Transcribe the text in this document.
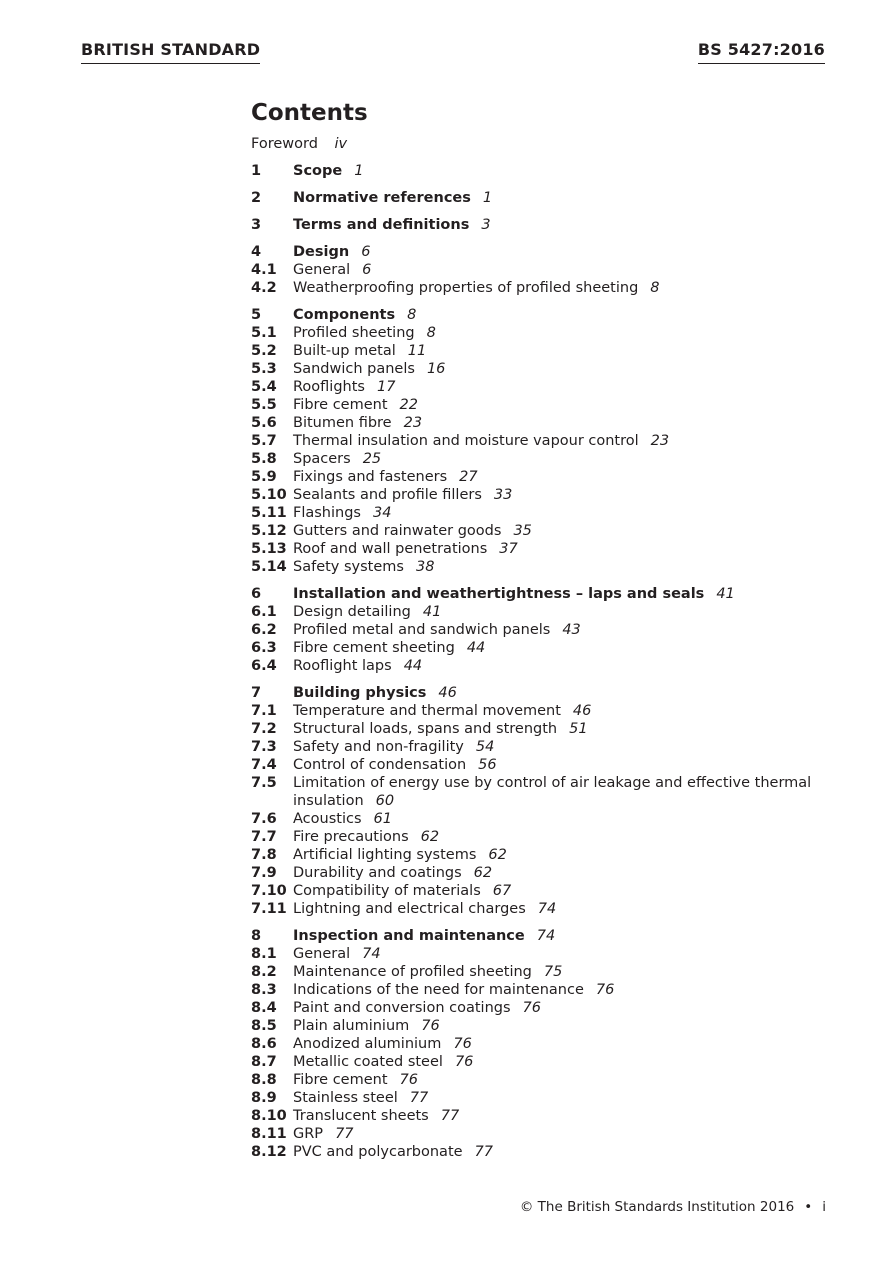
BRITISH STANDARD	BS 5427:2016
Contents
Foreword iv
1	Scope 1
2	Normative references 1
3	Terms and definitions 3
4	Design 6
4.1	General 6
4.2	Weatherproofing properties of profiled sheeting 8
5	Components 8
5.1	Profiled sheeting 8
5.2	Built-up metal 11
5.3	Sandwich panels 16
5.4	Rooflights 17
5.5	Fibre cement 22
5.6	Bitumen fibre 23
5.7	Thermal insulation and moisture vapour control 23
5.8	Spacers 25
5.9	Fixings and fasteners 27
5.10 Sealants and profile fillers 33
5.11 Flashings 34
5.12 Gutters and rainwater goods 35
5.13 Roof and wall penetrations 37
5.14 Safety systems 38
6	Installation and weathertightness – laps and seals 41
6.1	Design detailing 41
6.2	Profiled metal and sandwich panels 43
6.3	Fibre cement sheeting 44
6.4	Rooflight laps 44
7	Building physics 46
7.1	Temperature and thermal movement 46
7.2	Structural loads, spans and strength 51
7.3	Safety and non-fragility 54
7.4	Control of condensation 56
7.5	Limitation of energy use by control of air leakage and effective thermal insulation 60
7.6	Acoustics 61
7.7	Fire precautions 62
7.8	Artificial lighting systems 62
7.9	Durability and coatings 62
7.10 Compatibility of materials 67
7.11 Lightning and electrical charges 74
8	Inspection and maintenance 74
8.1	General 74
8.2	Maintenance of profiled sheeting 75
8.3	Indications of the need for maintenance 76
8.4	Paint and conversion coatings 76
8.5	Plain aluminium 76
8.6	Anodized aluminium 76
8.7	Metallic coated steel 76
8.8	Fibre cement 76
8.9	Stainless steel 77
8.10 Translucent sheets 77
8.11 GRP 77
8.12 PVC and polycarbonate 77
© The British Standards Institution 2016 • i
